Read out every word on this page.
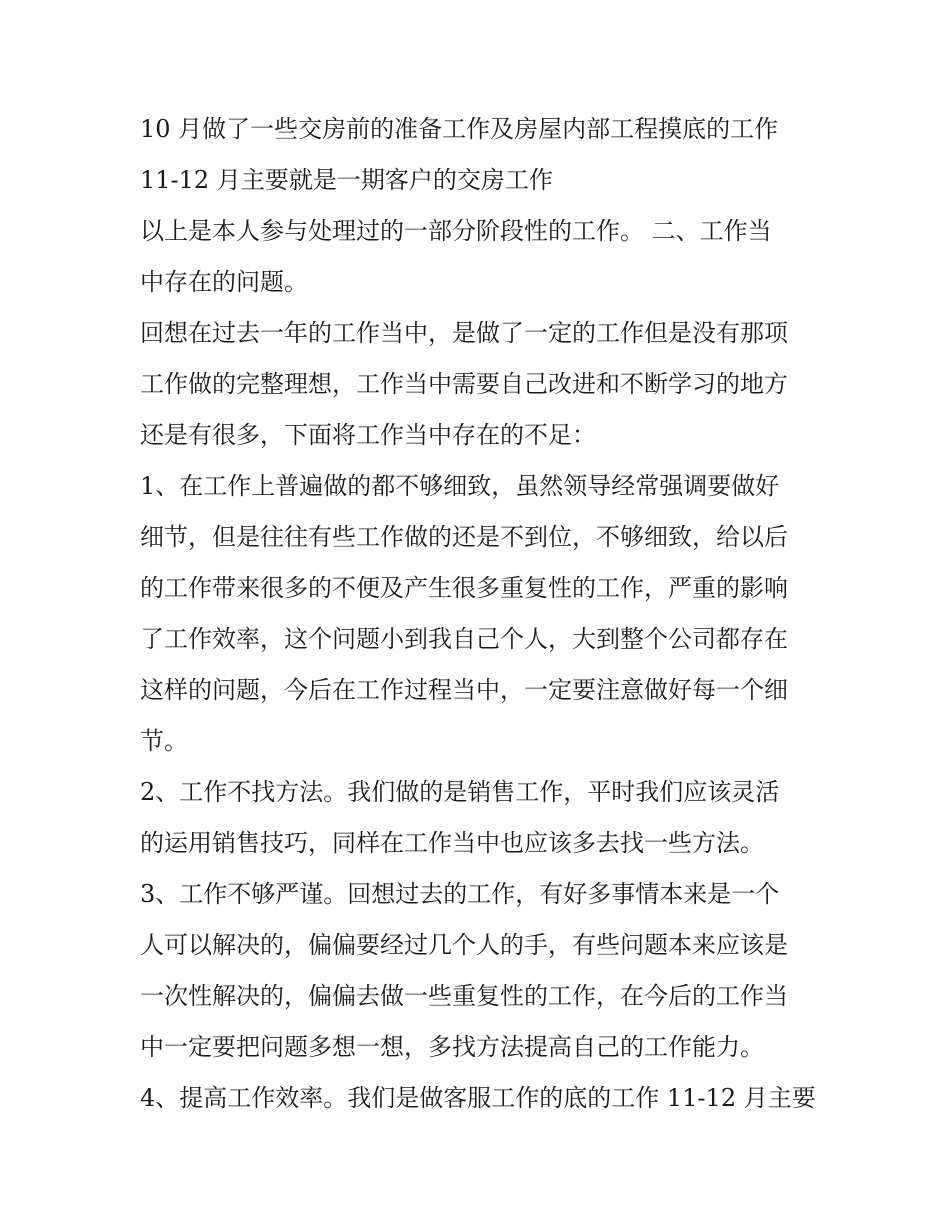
10 月做了一些交房前的准备工作及房屋内部工程摸底的工作
11-12 月主要就是一期客户的交房工作
以上是本人参与处理过的一部分阶段性的工作。 二、工作当
中存在的问题。
回想在过去一年的工作当中，是做了一定的工作但是没有那项
工作做的完整理想，工作当中需要自己改进和不断学习的地方
还是有很多，下面将工作当中存在的不足：
1、在工作上普遍做的都不够细致，虽然领导经常强调要做好
细节，但是往往有些工作做的还是不到位，不够细致，给以后
的工作带来很多的不便及产生很多重复性的工作，严重的影响
了工作效率，这个问题小到我自己个人，大到整个公司都存在
这样的问题，今后在工作过程当中，一定要注意做好每一个细
节。
2、工作不找方法。我们做的是销售工作，平时我们应该灵活
的运用销售技巧，同样在工作当中也应该多去找一些方法。
3、工作不够严谨。回想过去的工作，有好多事情本来是一个
人可以解决的，偏偏要经过几个人的手，有些问题本来应该是
一次性解决的，偏偏去做一些重复性的工作，在今后的工作当
中一定要把问题多想一想，多找方法提高自己的工作能力。
4、提高工作效率。我们是做客服工作的底的工作 11-12 月主要
